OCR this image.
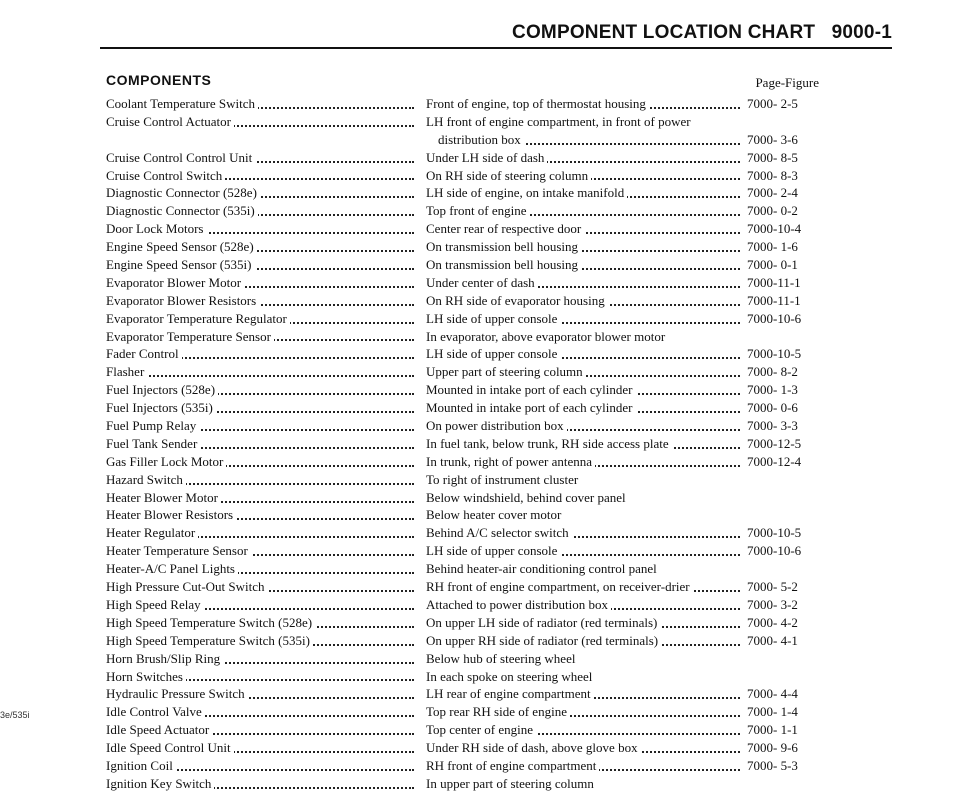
COMPONENT LOCATION CHART 9000-1
COMPONENTS	Page-Figure
Coolant Temperature Switch	Front of engine, top of thermostat housing	7000- 2-5
Cruise Control Actuator	LH front of engine compartment, in front of power
distribution box	7000- 3-6
Cruise Control Control Unit	Under LH side of dash	7000- 8-5
Cruise Control Switch	On RH side of steering column	7000- 8-3
Diagnostic Connector (528e)	LH side of engine, on intake manifold	7000- 2-4
Diagnostic Connector (535i)	Top front of engine	7000- 0-2
Door Lock Motors	Center rear of respective door	7000-10-4
Engine Speed Sensor (528e)	On transmission bell housing	7000- 1-6
Engine Speed Sensor (535i)	On transmission bell housing	7000- 0-1
Evaporator Blower Motor	Under center of dash	7000-11-1
Evaporator Blower Resistors	On RH side of evaporator housing	7000-11-1
Evaporator Temperature Regulator	LH side of upper console	7000-10-6
Evaporator Temperature Sensor	In evaporator, above evaporator blower motor
Fader Control	LH side of upper console	7000-10-5
Flasher	Upper part of steering column	7000- 8-2
Fuel Injectors (528e)	Mounted in intake port of each cylinder	7000- 1-3
Fuel Injectors (535i)	Mounted in intake port of each cylinder	7000- 0-6
Fuel Pump Relay	On power distribution box	7000- 3-3
Fuel Tank Sender	In fuel tank, below trunk, RH side access plate	7000-12-5
Gas Filler Lock Motor	In trunk, right of power antenna	7000-12-4
Hazard Switch	To right of instrument cluster
Heater Blower Motor	Below windshield, behind cover panel
Heater Blower Resistors	Below heater cover motor
Heater Regulator	Behind A/C selector switch	7000-10-5
Heater Temperature Sensor	LH side of upper console	7000-10-6
Heater-A/C Panel Lights	Behind heater-air conditioning control panel
High Pressure Cut-Out Switch	RH front of engine compartment, on receiver-drier	7000- 5-2
High Speed Relay	Attached to power distribution box	7000- 3-2
High Speed Temperature Switch (528e)	On upper LH side of radiator (red terminals)	7000- 4-2
High Speed Temperature Switch (535i)	On upper RH side of radiator (red terminals)	7000- 4-1
Horn Brush/Slip Ring	Below hub of steering wheel
Horn Switches	In each spoke on steering wheel
Hydraulic Pressure Switch	LH rear of engine compartment	7000- 4-4
Idle Control Valve	Top rear RH side of engine	7000- 1-4
Idle Speed Actuator	Top center of engine	7000- 1-1
Idle Speed Control Unit	Under RH side of dash, above glove box	7000- 9-6
Ignition Coil	RH front of engine compartment	7000- 5-3
Ignition Key Switch	In upper part of steering column
3e/535i
